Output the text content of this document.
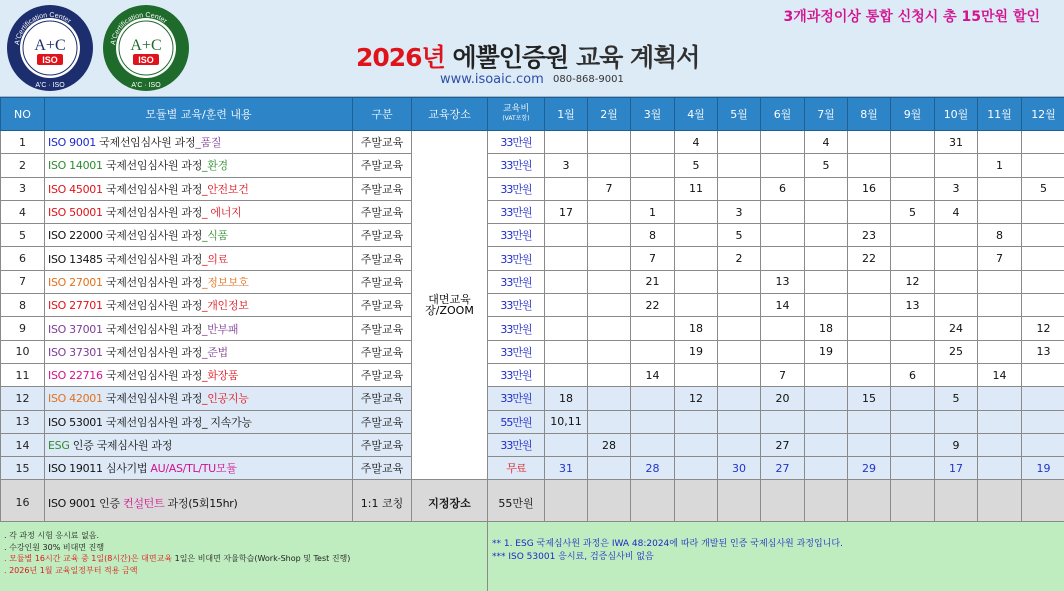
A'Certification Center
A+C
ISO
A'C · ISO
A'Certification Center
A+C
ISO
A'C · ISO
2026년 에뿔인증원 교육 계획서
www.isoaic.com 080-868-9001
3개과정이상 통합 신청시 총 15만원 할인
NO	모듈별 교육/훈련 내용	구분	교육장소	교육비
(VAT포함)	1월	2월	3월	4월	5월	6월	7월	8월	9월	10월	11월	12월
1	ISO 9001 국제선임심사원 과정_품질	주말교육	대면교육 장/ZOOM	33만원				4			4			31		
2	ISO 14001 국제선임심사원 과정_환경	주말교육		33만원	3			5			5				1	
3	ISO 45001 국제선임심사원 과정_안전보건	주말교육		33만원		7		11		6		16		3		5
4	ISO 50001 국제선임심사원 과정_ 에너지	주말교육		33만원	17		1		3				5	4		
5	ISO 22000 국제선임심사원 과정_식품	주말교육		33만원			8		5			23			8	
6	ISO 13485 국제선임심사원 과정_의료	주말교육		33만원			7		2			22			7	
7	ISO 27001 국제선임심사원 과정_정보보호	주말교육		33만원			21			13			12			
8	ISO 27701 국제선임심사원 과정_개인정보	주말교육		33만원			22			14			13			
9	ISO 37001 국제선임심사원 과정_반부패	주말교육		33만원				18			18			24		12
10	ISO 37301 국제선임심사원 과정_준법	주말교육		33만원				19			19			25		13
11	ISO 22716 국제선임심사원 과정_화장품	주말교육		33만원			14			7			6		14	
12	ISO 42001 국제선임심사원 과정_인공지능	주말교육		33만원	18			12		20		15		5		
13	ISO 53001 국제선임심사원 과정_ 지속가능	주말교육		55만원	10,11											
14	ESG 인증 국제심사원 과정	주말교육		33만원		28				27				9		
15	ISO 19011 심사기법 AU/AS/TL/TU모듈	주말교육		무료	31		28		30	27		29		17		19
16	ISO 9001 인증 컨설턴트 과정(5회15hr)	1:1 코칭	지정장소	55만원												
. 각 과정 시험 응시료 없음.
. 수강인원 30% 비대면 진행
. 모듈별 16시간 교육 중 1일(8시간)은 대면교육 1일은 비대면 자율학습(Work-Shop 및 Test 진행)
. 2026년 1월 교육일정부터 적용 금액
** 1. ESG 국제심사원 과정은 IWA 48:2024에 따라 개발된 인증 국제심사원 과정입니다.
*** ISO 53001 응시료, 검증심사비 없음
